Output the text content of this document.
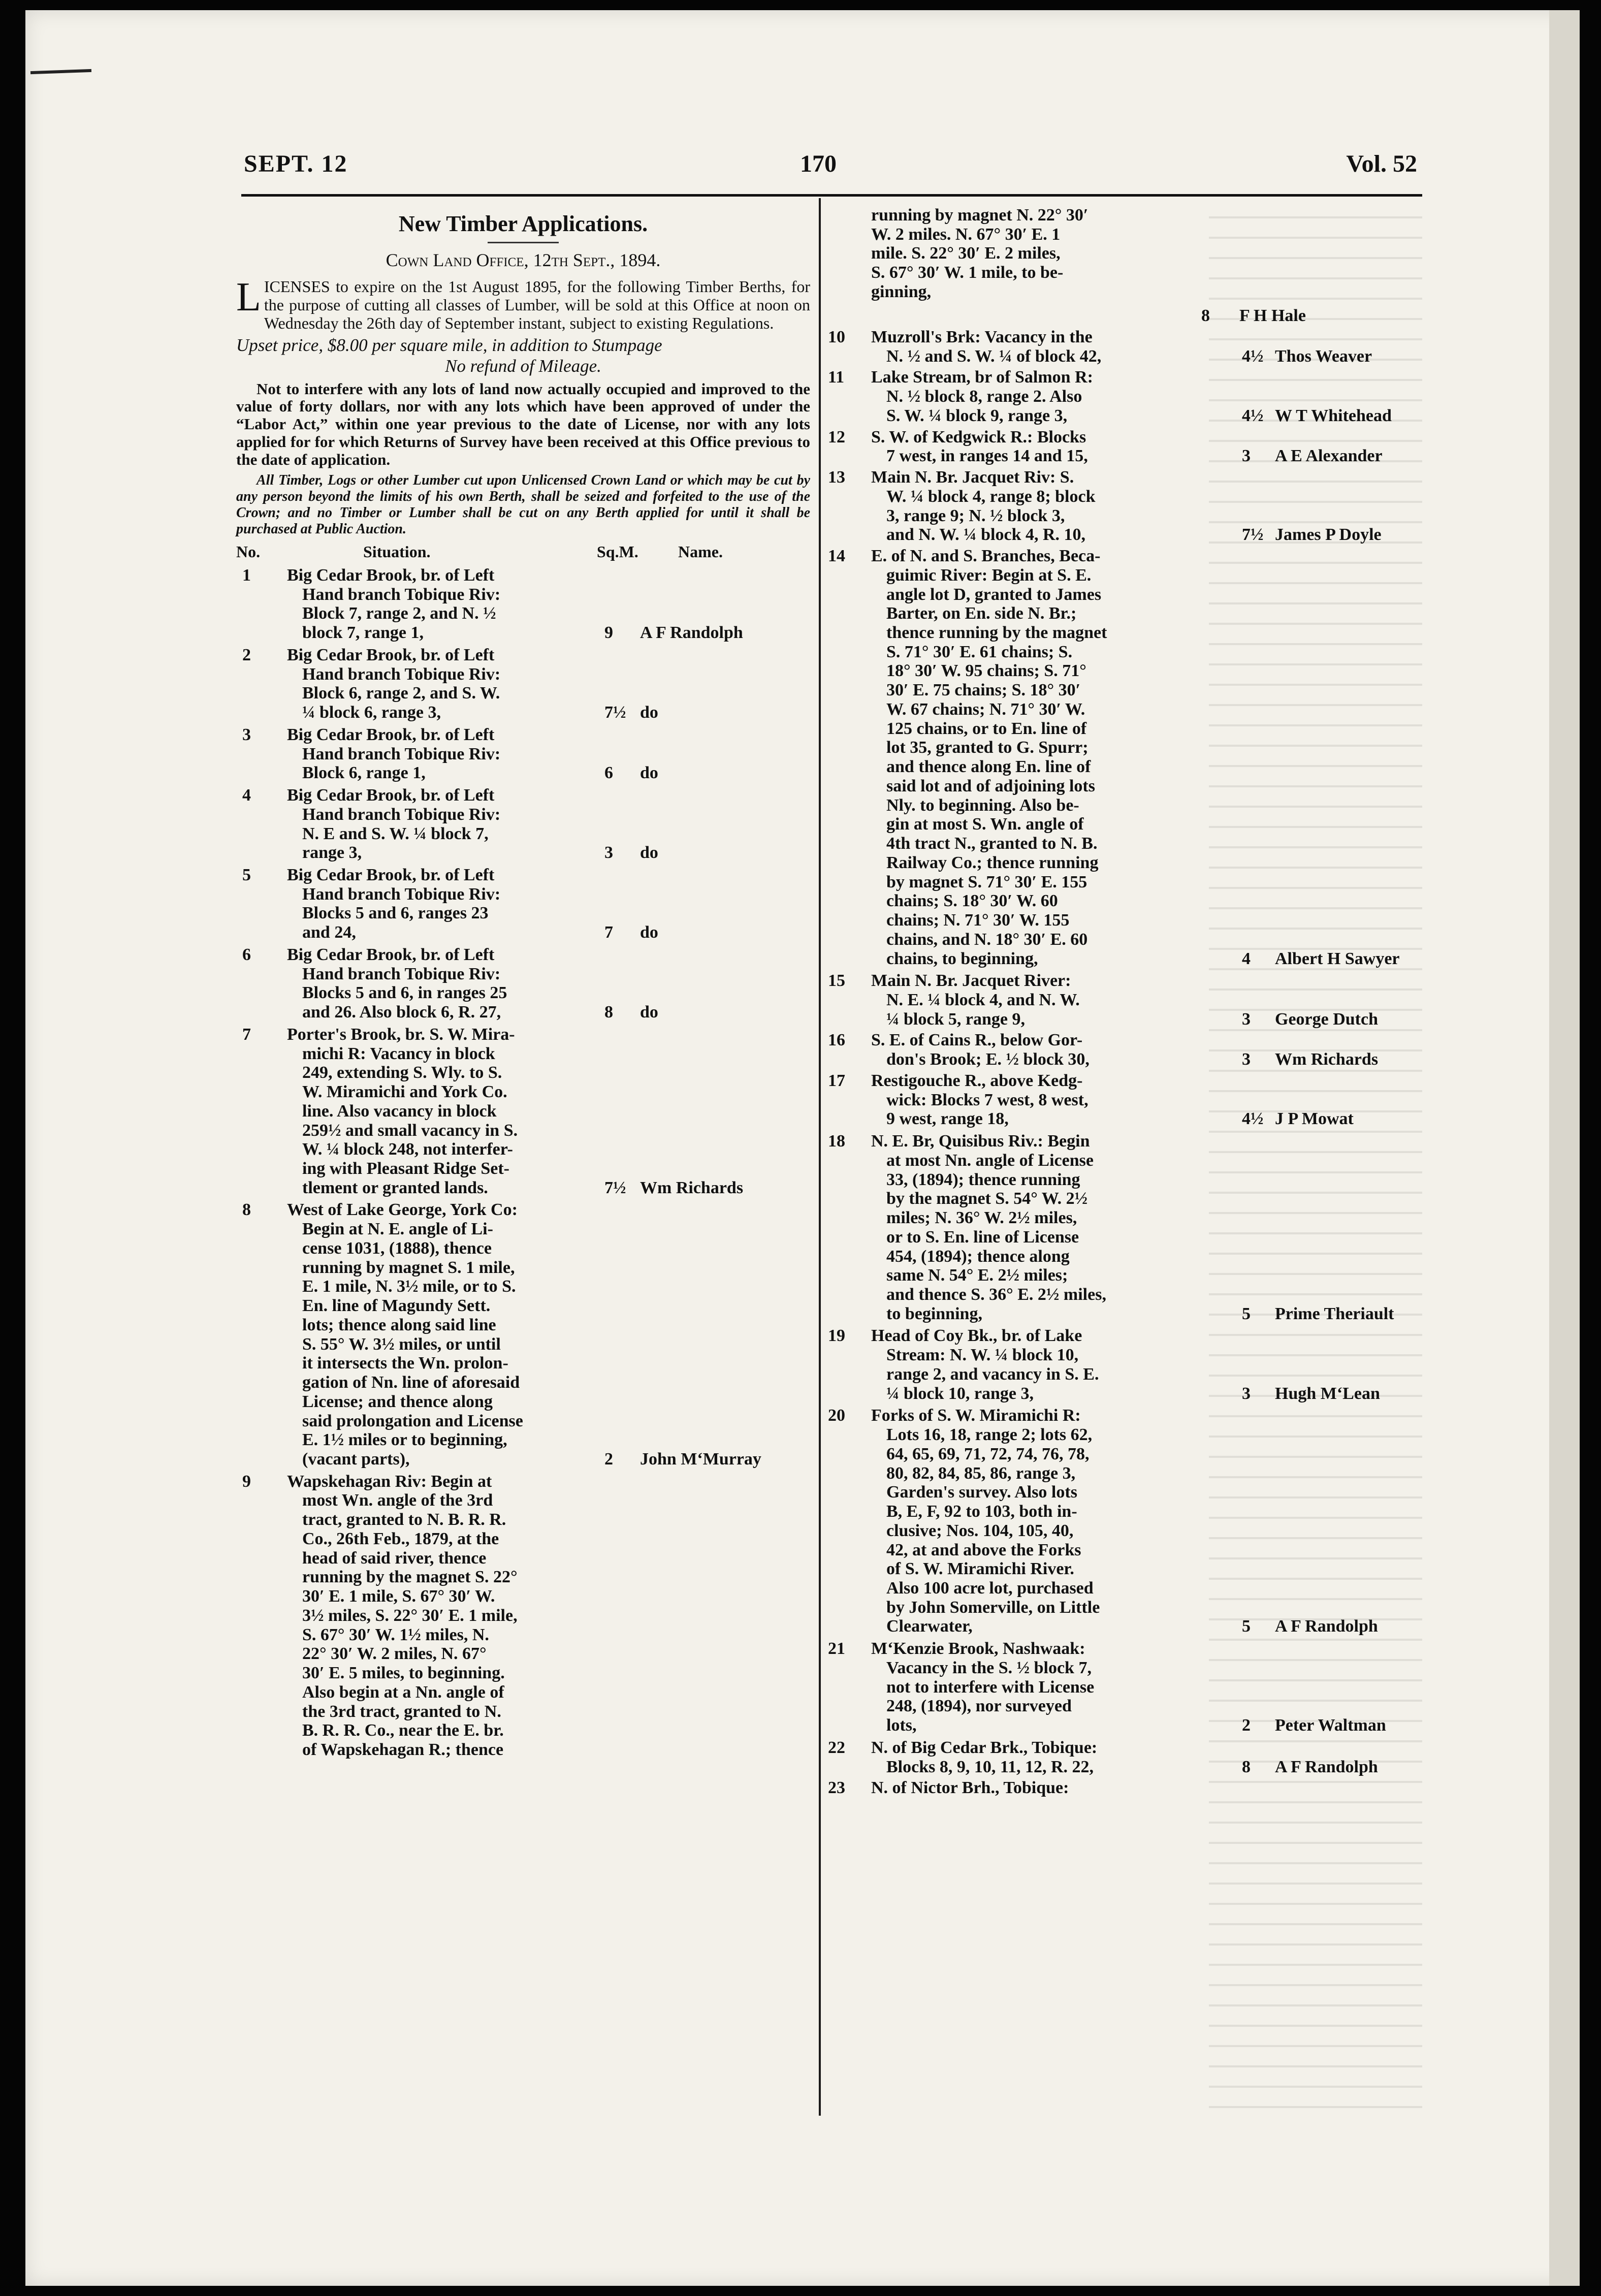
SEPT. 12	170	Vol. 52
New Timber Applications.
Cown Land Office, 12th Sept., 1894.
LICENSES to expire on the 1st August 1895, for the following Timber Berths, for the purpose of cutting all classes of Lumber, will be sold at this Office at noon on Wednesday the 26th day of September instant, subject to existing Regulations.
Upset price, $8.00 per square mile, in addition to Stumpage
No refund of Mileage.
Not to interfere with any lots of land now actually occupied and improved to the value of forty dollars, nor with any lots which have been approved of under the “Labor Act,” within one year previous to the date of License, nor with any lots applied for for which Returns of Survey have been received at this Office previous to the date of application.
All Timber, Logs or other Lumber cut upon Unlicensed Crown Land or which may be cut by any person beyond the limits of his own Berth, shall be seized and forfeited to the use of the Crown; and no Timber or Lumber shall be cut on any Berth applied for until it shall be purchased at Public Auction.
No.	Situation.	Sq.M. Name.
1	Big Cedar Brook, br. of Left
Hand branch Tobique Riv:
Block 7, range 2, and N. ½
block 7, range 1,	9	A F Randolph
2	Big Cedar Brook, br. of Left
Hand branch Tobique Riv:
Block 6, range 2, and S. W.
¼ block 6, range 3,	7½ do
3	Big Cedar Brook, br. of Left
Hand branch Tobique Riv:
Block 6, range 1,	6	do
4	Big Cedar Brook, br. of Left
Hand branch Tobique Riv:
N. E and S. W. ¼ block 7,
range 3,	3	do
5	Big Cedar Brook, br. of Left
Hand branch Tobique Riv:
Blocks 5 and 6, ranges 23
and 24,	7	do
6	Big Cedar Brook, br. of Left
Hand branch Tobique Riv:
Blocks 5 and 6, in ranges 25
and 26. Also block 6, R. 27,	8	do
7	Porter's Brook, br. S. W. Mira-
michi R: Vacancy in block
249, extending S. Wly. to S.
W. Miramichi and York Co.
line. Also vacancy in block
259½ and small vacancy in S.
W. ¼ block 248, not interfer-
ing with Pleasant Ridge Set-
tlement or granted lands.	7½ Wm Richards
8	West of Lake George, York Co:
Begin at N. E. angle of Li-
cense 1031, (1888), thence
running by magnet S. 1 mile,
E. 1 mile, N. 3½ mile, or to S.
En. line of Magundy Sett.
lots; thence along said line
S. 55° W. 3½ miles, or until
it intersects the Wn. prolon-
gation of Nn. line of aforesaid
License; and thence along
said prolongation and License
E. 1½ miles or to beginning,
(vacant parts),	2	John M‘Murray
9	Wapskehagan Riv: Begin at
most Wn. angle of the 3rd
tract, granted to N. B. R. R.
Co., 26th Feb., 1879, at the
head of said river, thence
running by the magnet S. 22°
30′ E. 1 mile, S. 67° 30′ W.
3½ miles, S. 22° 30′ E. 1 mile,
S. 67° 30′ W. 1½ miles, N.
22° 30′ W. 2 miles, N. 67°
30′ E. 5 miles, to beginning.
Also begin at a Nn. angle of
the 3rd tract, granted to N.
B. R. R. Co., near the E. br.
of Wapskehagan R.; thence
running by magnet N. 22° 30′
W. 2 miles. N. 67° 30′ E. 1
mile. S. 22° 30′ E. 2 miles,
S. 67° 30′ W. 1 mile, to be-
ginning,
8	F H Hale
10 Muzroll's Brk: Vacancy in the
N. ½ and S. W. ¼ of block 42,	4½ Thos Weaver
11 Lake Stream, br of Salmon R:
N. ½ block 8, range 2. Also
S. W. ¼ block 9, range 3,	4½ W T Whitehead
12 S. W. of Kedgwick R.: Blocks
7 west, in ranges 14 and 15,	3	A E Alexander
13 Main N. Br. Jacquet Riv: S.
W. ¼ block 4, range 8; block
3, range 9; N. ½ block 3,
and N. W. ¼ block 4, R. 10,	7½ James P Doyle
14 E. of N. and S. Branches, Beca-
guimic River: Begin at S. E.
angle lot D, granted to James
Barter, on En. side N. Br.;
thence running by the magnet
S. 71° 30′ E. 61 chains; S.
18° 30′ W. 95 chains; S. 71°
30′ E. 75 chains; S. 18° 30′
W. 67 chains; N. 71° 30′ W.
125 chains, or to En. line of
lot 35, granted to G. Spurr;
and thence along En. line of
said lot and of adjoining lots
Nly. to beginning. Also be-
gin at most S. Wn. angle of
4th tract N., granted to N. B.
Railway Co.; thence running
by magnet S. 71° 30′ E. 155
chains; S. 18° 30′ W. 60
chains; N. 71° 30′ W. 155
chains, and N. 18° 30′ E. 60
chains, to beginning,	4	Albert H Sawyer
15 Main N. Br. Jacquet River:
N. E. ¼ block 4, and N. W.
¼ block 5, range 9,	3	George Dutch
16 S. E. of Cains R., below Gor-
don's Brook; E. ½ block 30,	3	Wm Richards
17 Restigouche R., above Kedg-
wick: Blocks 7 west, 8 west,
9 west, range 18,	4½ J P Mowat
18 N. E. Br, Quisibus Riv.: Begin
at most Nn. angle of License
33, (1894); thence running
by the magnet S. 54° W. 2½
miles; N. 36° W. 2½ miles,
or to S. En. line of License
454, (1894); thence along
same N. 54° E. 2½ miles;
and thence S. 36° E. 2½ miles,
to beginning,	5	Prime Theriault
19 Head of Coy Bk., br. of Lake
Stream: N. W. ¼ block 10,
range 2, and vacancy in S. E.
¼ block 10, range 3,	3	Hugh M‘Lean
20 Forks of S. W. Miramichi R:
Lots 16, 18, range 2; lots 62,
64, 65, 69, 71, 72, 74, 76, 78,
80, 82, 84, 85, 86, range 3,
Garden's survey. Also lots
B, E, F, 92 to 103, both in-
clusive; Nos. 104, 105, 40,
42, at and above the Forks
of S. W. Miramichi River.
Also 100 acre lot, purchased
by John Somerville, on Little
Clearwater,	5	A F Randolph
21 M‘Kenzie Brook, Nashwaak:
Vacancy in the S. ½ block 7,
not to interfere with License
248, (1894), nor surveyed
lots,	2	Peter Waltman
22 N. of Big Cedar Brk., Tobique:
Blocks 8, 9, 10, 11, 12, R. 22,	8	A F Randolph
23 N. of Nictor Brh., Tobique:
